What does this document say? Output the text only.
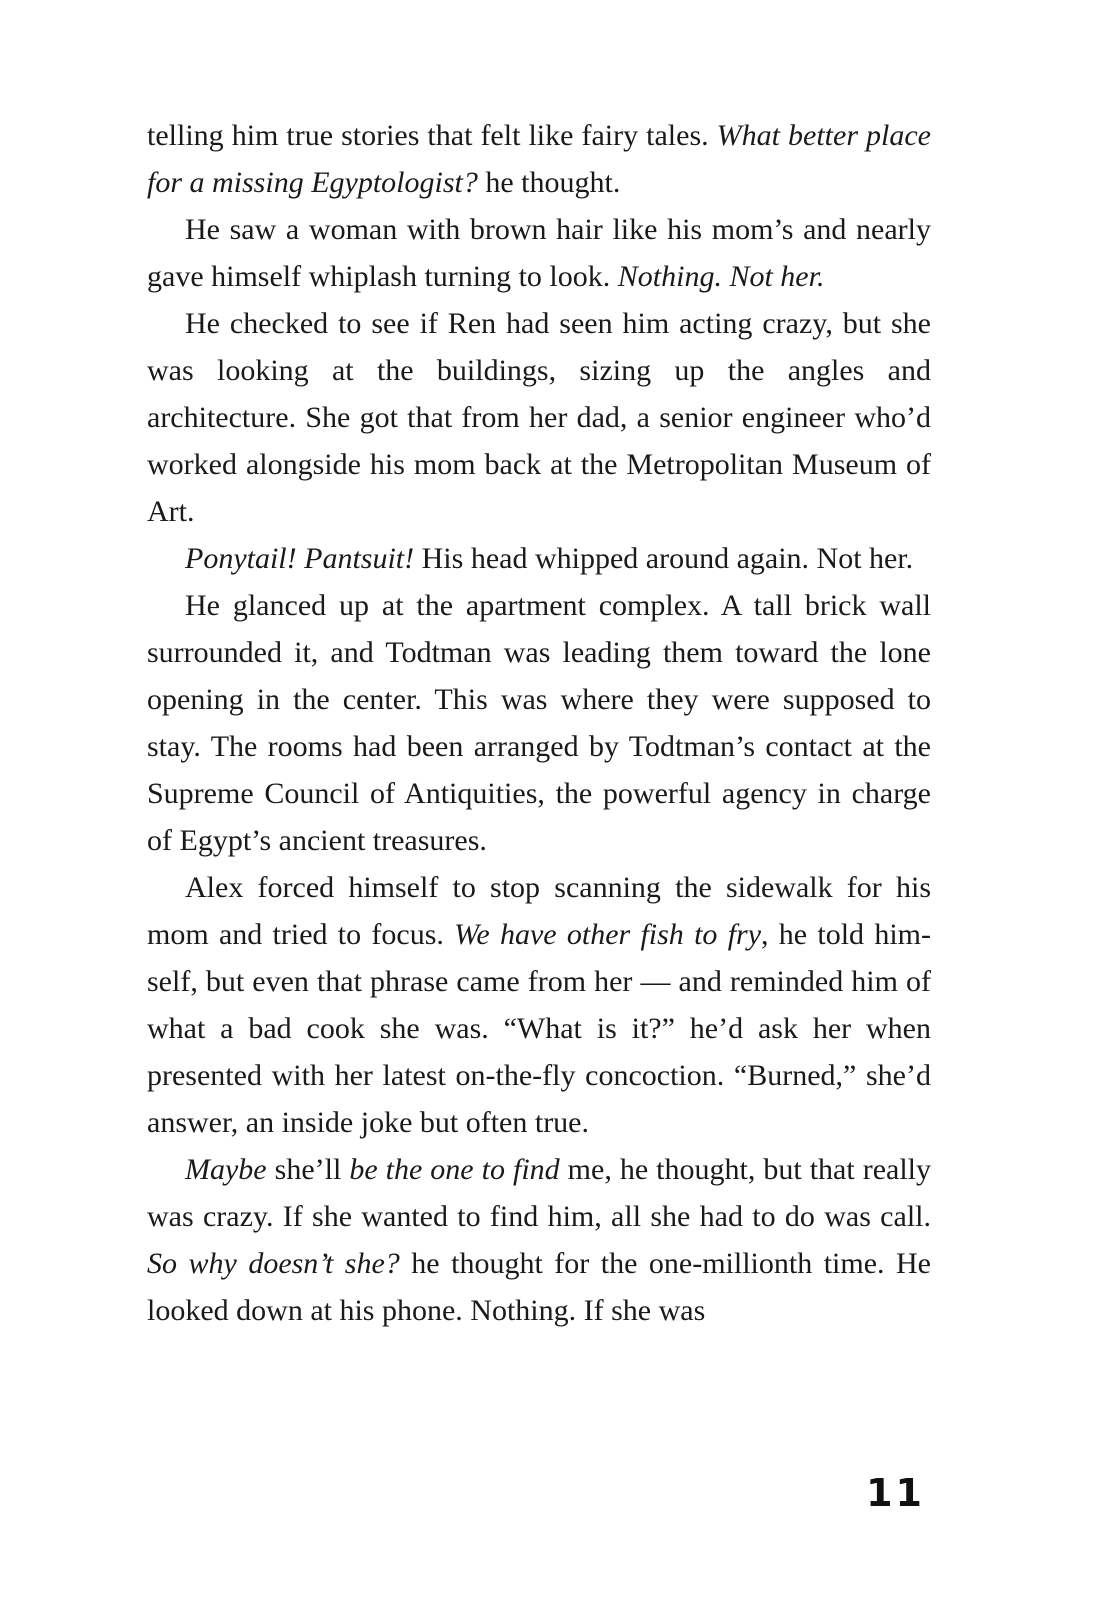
telling him true stories that felt like fairy tales. What better place for a missing Egyptologist? he thought.

He saw a woman with brown hair like his mom’s and nearly gave himself whiplash turning to look. Nothing. Not her.

He checked to see if Ren had seen him acting crazy, but she was looking at the buildings, sizing up the angles and architecture. She got that from her dad, a senior engineer who’d worked alongside his mom back at the Metropolitan Museum of Art.

Ponytail! Pantsuit! His head whipped around again. Not her.

He glanced up at the apartment complex. A tall brick wall surrounded it, and Todtman was leading them toward the lone opening in the center. This was where they were supposed to stay. The rooms had been arranged by Todtman’s contact at the Supreme Council of Antiquities, the powerful agency in charge of Egypt’s ancient treasures.

Alex forced himself to stop scanning the sidewalk for his mom and tried to focus. We have other fish to fry, he told himself, but even that phrase came from her — and reminded him of what a bad cook she was. “What is it?” he’d ask her when presented with her latest on-the-fly concoction. “Burned,” she’d answer, an inside joke but often true.

Maybe she’ll be the one to find me, he thought, but that really was crazy. If she wanted to find him, all she had to do was call. So why doesn’t she? he thought for the one-millionth time. He looked down at his phone. Nothing. If she was

11
